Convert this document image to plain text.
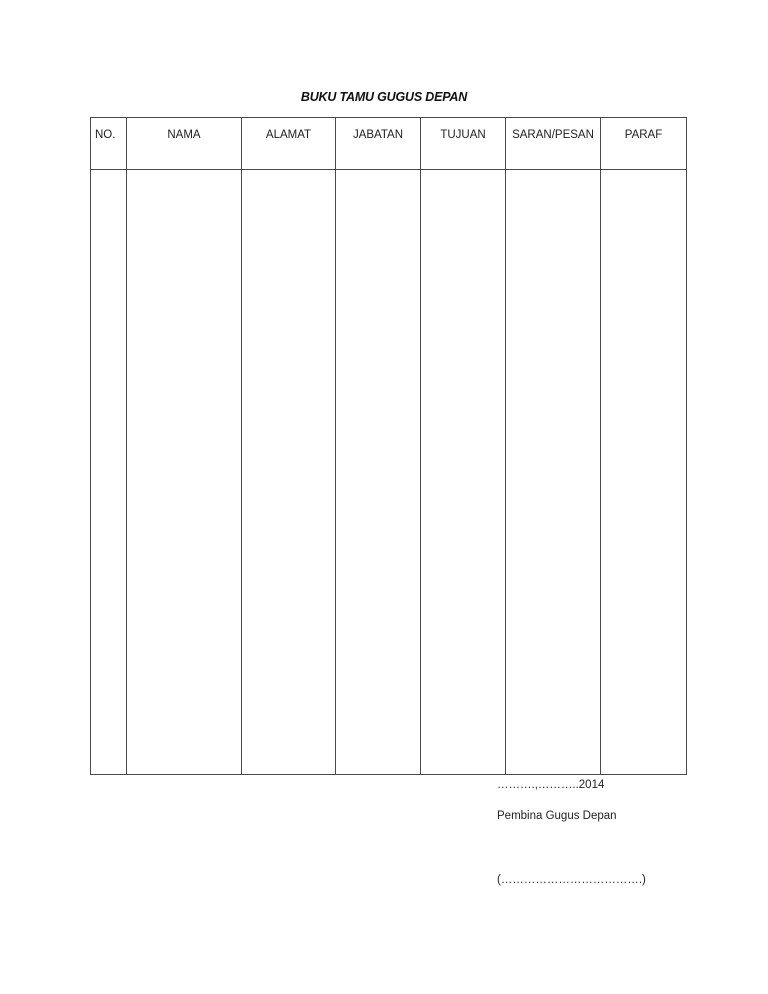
BUKU TAMU GUGUS DEPAN
NO.	NAMA	ALAMAT	JABATAN	TUJUAN	SARAN/PESAN	PARAF

……….,………..2014
Pembina Gugus Depan
(……………………………….)
